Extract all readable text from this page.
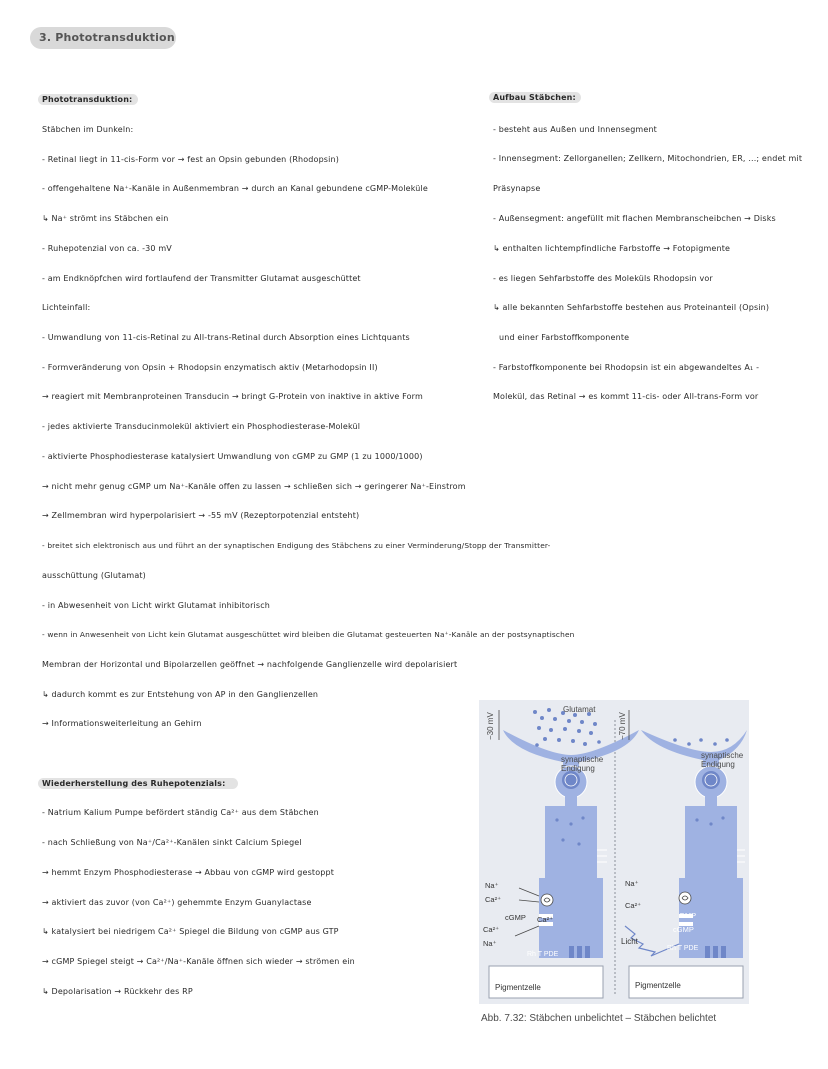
3. Phototransduktion
Phototransduktion:
Stäbchen im Dunkeln:
- Retinal liegt in 11-cis-Form vor → fest an Opsin gebunden (Rhodopsin)
- offengehaltene Na⁺-Kanäle in Außenmembran → durch an Kanal gebundene cGMP-Moleküle
↳ Na⁺ strömt ins Stäbchen ein
- Ruhepotenzial von ca. -30 mV
- am Endknöpfchen wird fortlaufend der Transmitter Glutamat ausgeschüttet
Lichteinfall:
- Umwandlung von 11-cis-Retinal zu All-trans-Retinal durch Absorption eines Lichtquants
- Formveränderung von Opsin + Rhodopsin enzymatisch aktiv (Metarhodopsin II)
→ reagiert mit Membranproteinen Transducin → bringt G-Protein von inaktive in aktive Form
Aufbau Stäbchen:
- besteht aus Außen und Innensegment
- Innensegment: Zellorganellen; Zellkern, Mitochondrien, ER, ...; endet mit
Präsynapse
- Außensegment: angefüllt mit flachen Membranscheibchen → Disks
↳ enthalten lichtempfindliche Farbstoffe → Fotopigmente
- es liegen Sehfarbstoffe des Moleküls Rhodopsin vor
↳ alle bekannten Sehfarbstoffe bestehen aus Proteinanteil (Opsin)
und einer Farbstoffkomponente
- Farbstoffkomponente bei Rhodopsin ist ein abgewandeltes A₁ -
Molekül, das Retinal → es kommt 11-cis- oder All-trans-Form vor
- jedes aktivierte Transducinmolekül aktiviert ein Phosphodiesterase-Molekül
- aktivierte Phosphodiesterase katalysiert Umwandlung von cGMP zu GMP (1 zu 1000/1000)
→ nicht mehr genug cGMP um Na⁺-Kanäle offen zu lassen → schließen sich → geringerer Na⁺-Einstrom
→ Zellmembran wird hyperpolarisiert → -55 mV (Rezeptorpotenzial entsteht)
- breitet sich elektronisch aus und führt an der synaptischen Endigung des Stäbchens zu einer Verminderung/Stopp der Transmitter-
ausschüttung (Glutamat)
- in Abwesenheit von Licht wirkt Glutamat inhibitorisch
- wenn in Anwesenheit von Licht kein Glutamat ausgeschüttet wird bleiben die Glutamat gesteuerten Na⁺-Kanäle an der postsynaptischen
Membran der Horizontal und Bipolarzellen geöffnet → nachfolgende Ganglienzelle wird depolarisiert
↳ dadurch kommt es zur Entstehung von AP in den Ganglienzellen
→ Informationsweiterleitung an Gehirn
Wiederherstellung des Ruhepotenzials:
- Natrium Kalium Pumpe befördert ständig Ca²⁺ aus dem Stäbchen
- nach Schließung von Na⁺/Ca²⁺-Kanälen sinkt Calcium Spiegel
→ hemmt Enzym Phosphodiesterase → Abbau von cGMP wird gestoppt
→ aktiviert das zuvor (von Ca²⁺) gehemmte Enzym Guanylactase
↳ katalysiert bei niedrigem Ca²⁺ Spiegel die Bildung von cGMP aus GTP
→ cGMP Spiegel steigt → Ca²⁺/Na⁺-Kanäle öffnen sich wieder → strömen ein
↳ Depolarisation → Rückkehr des RP
−30 mV	−70 mV
Glutamat
synaptische
Endigung
synaptische
Endigung
Na⁺
Ca²⁺
cGMP Ca²⁺
Ca²⁺
Na⁺
Rh T PDE
Na⁺
Ca²⁺
GMP
cGMP
Licht
Rh T PDE
Pigmentzelle	Pigmentzelle
Abb. 7.32: Stäbchen unbelichtet – Stäbchen belichtet
